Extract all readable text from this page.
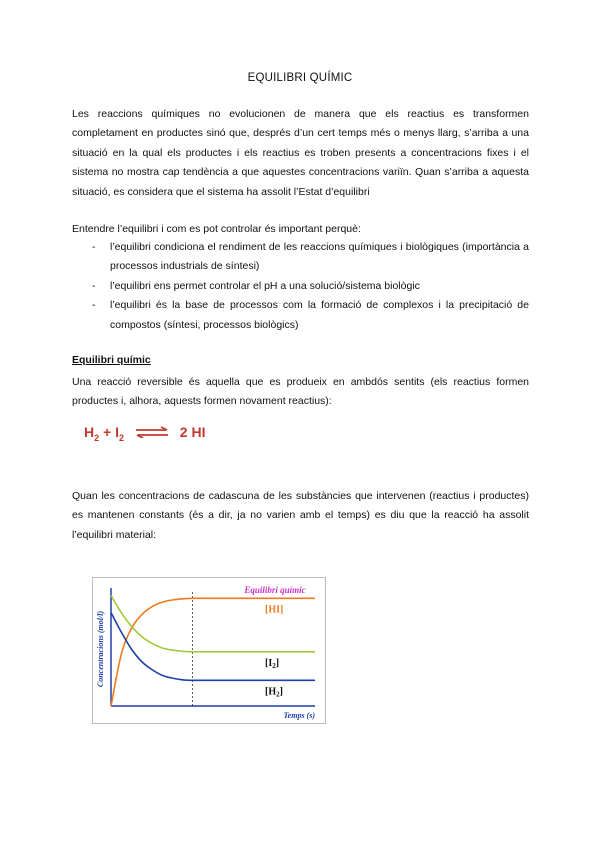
EQUILIBRI QUÍMIC
Les reaccions químiques no evolucionen de manera que els reactius es transformen completament en productes sinó que, després d’un cert temps més o menys llarg, s’arriba a una situació en la qual els productes i els reactius es troben presents a concentracions fixes i el sistema no mostra cap tendència a que aquestes concentracions variïn. Quan s’arriba a aquesta situació, es considera que el sistema ha assolit l’Estat d’equilibri
Entendre l’equilibri i com es pot controlar és important perquè:
- l’equilibri condiciona el rendiment de les reaccions químiques i biològiques (importància a processos industrials de síntesi)
- l’equilibri ens permet controlar el pH a una solució/sistema biològic
- l’equilibri és la base de processos com la formació de complexos i la precipitació de compostos (síntesi, processos biològics)
Equilibri químic
Una reacció reversible és aquella que es produeix en ambdós sentits (els reactius formen productes i, alhora, aquests formen novament reactius):
$H_2 + I_2$ ⇌ 2 HI
Quan les concentracions de cadascuna de les substàncies que intervenen (reactius i productes) es mantenen constants (és a dir, ja no varien amb el temps) es diu que la reacció ha assolit l’equilibri material:
Equilibri químic
Concentracions (mol/l)
Temps (s)
[HI]
$[I_2]$
$[H_2]$
